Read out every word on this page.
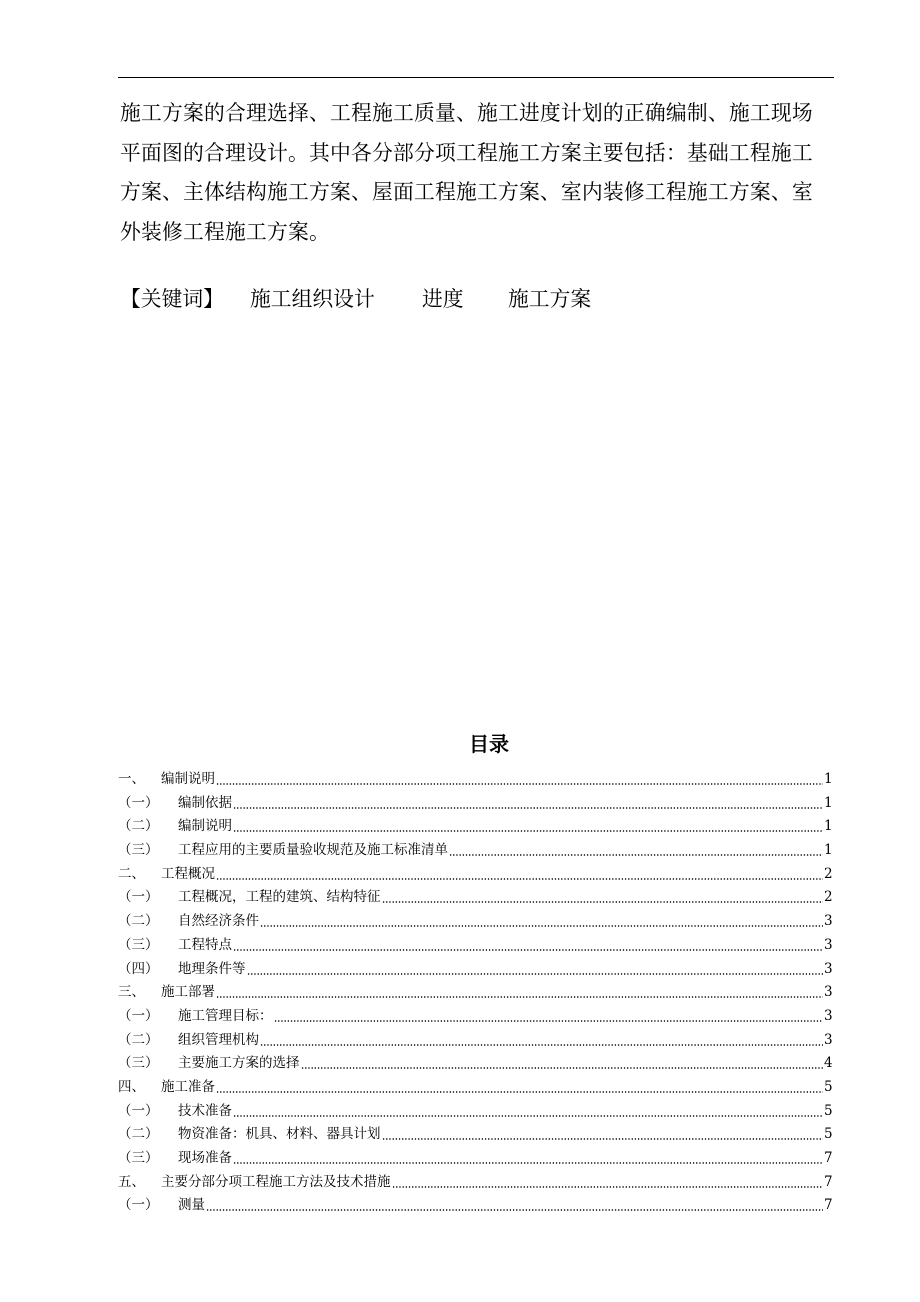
施工方案的合理选择、工程施工质量、施工进度计划的正确编制、施工现场
平面图的合理设计。其中各分部分项工程施工方案主要包括：基础工程施工
方案、主体结构施工方案、屋面工程施工方案、室内装修工程施工方案、室
外装修工程施工方案。
【关键词】 施工组织设计 进度 施工方案
目录
一、	编制说明	1
（一）	编制依据	1
（二）	编制说明	1
（三）	工程应用的主要质量验收规范及施工标准清单	1
二、	工程概况	2
（一）	工程概况，工程的建筑、结构特征	2
（二）	自然经济条件	3
（三）	工程特点	3
（四）	地理条件等	3
三、	施工部署	3
（一）	施工管理目标：	3
（二）	组织管理机构	3
（三）	主要施工方案的选择	4
四、	施工准备	5
（一）	技术准备	5
（二）	物资准备：机具、材料、器具计划	5
（三）	现场准备	7
五、	主要分部分项工程施工方法及技术措施	7
（一）	测量	7
